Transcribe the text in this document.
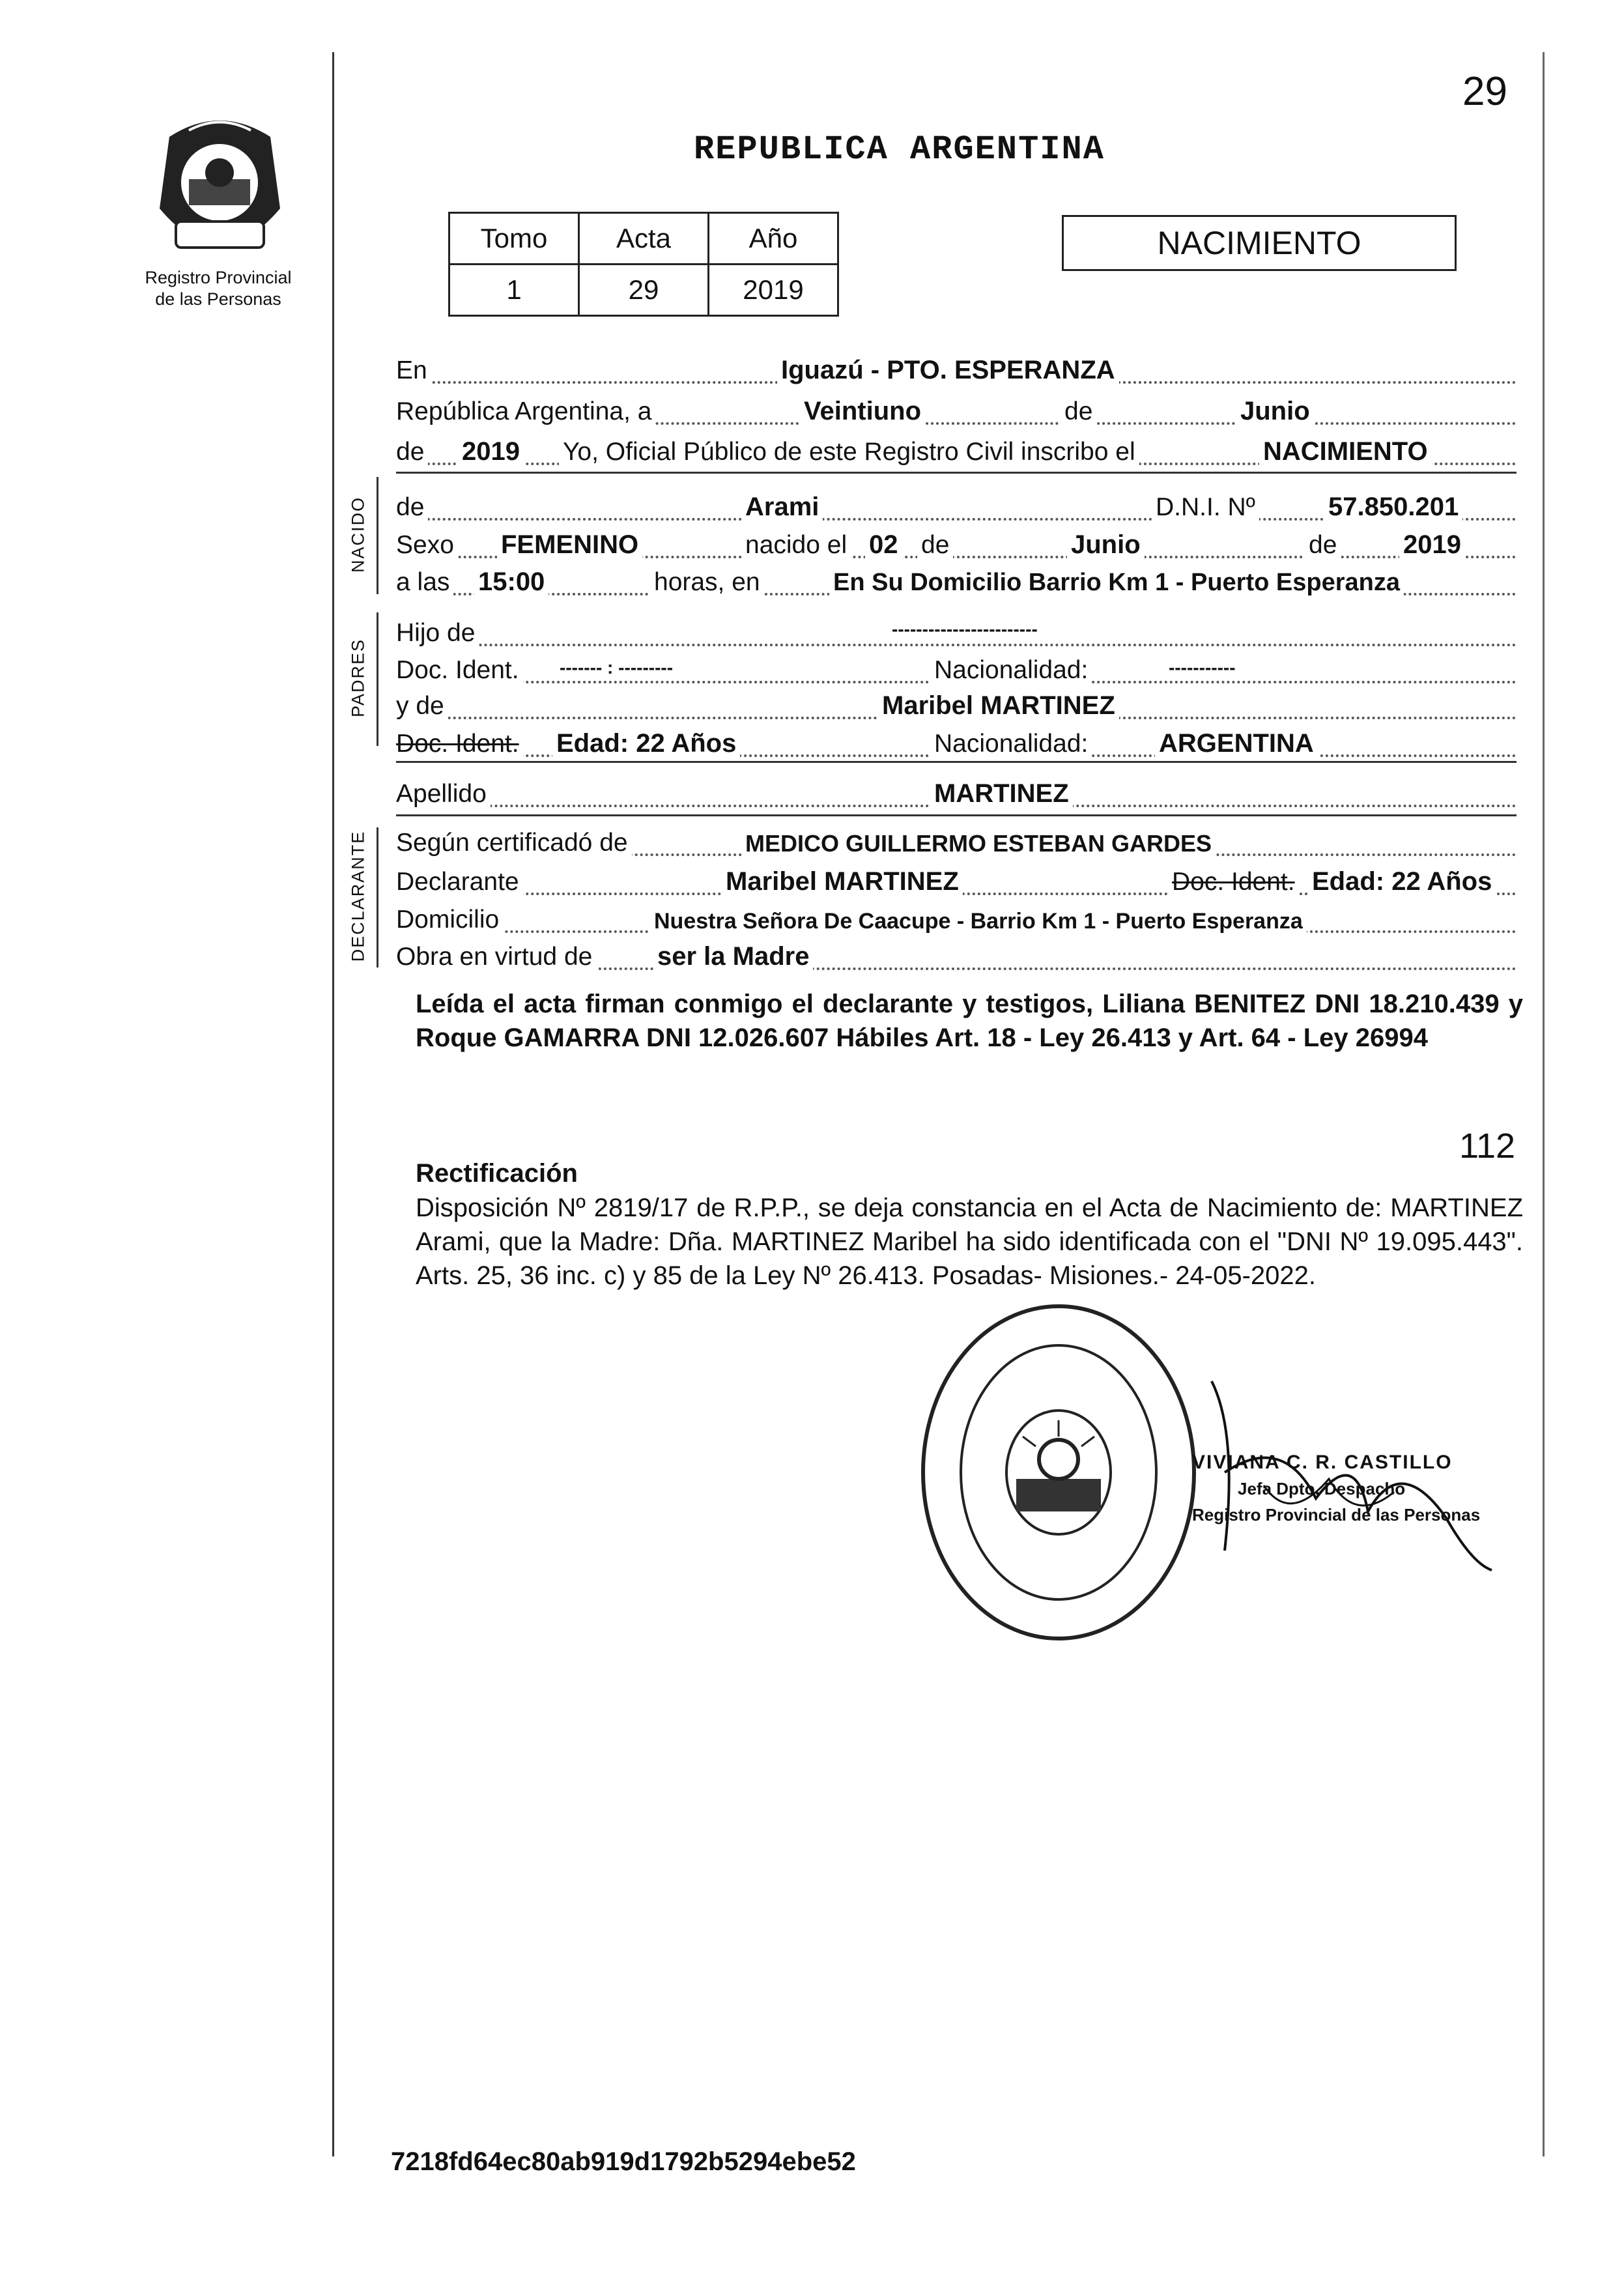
29
Registro Provincial
de las Personas
REPUBLICA ARGENTINA
Tomo	Acta	Año
1	29	2019
NACIMIENTO
En	Iguazú - PTO. ESPERANZA
República Argentina, a	Veintiuno	de	Junio
de 2019 Yo, Oficial Público de este Registro Civil inscribo el	NACIMIENTO
NACIDO de	Arami	D.N.I. Nº	57.850.201
Sexo FEMENINO	nacido el 02 de	Junio	de	2019
a las 15:00	horas, en	En Su Domicilio Barrio Km 1 - Puerto Esperanza
PADRES
Hijo de	------------------------
Doc. Ident. ------- : ---------	Nacionalidad:	-----------
y de	Maribel MARTINEZ
Doc. Ident. Edad: 22 Años	Nacionalidad:	ARGENTINA
Apellido	MARTINEZ
DECLARANTE Según certificadó de	MEDICO GUILLERMO ESTEBAN GARDES
Declarante	Maribel MARTINEZ	Doc. Ident. Edad: 22 Años
Domicilio	Nuestra Señora De Caacupe - Barrio Km 1 - Puerto Esperanza
Obra en virtud de ser la Madre
Leída el acta firman conmigo el declarante y testigos, Liliana BENITEZ DNI 18.210.439 y Roque GAMARRA DNI 12.026.607 Hábiles Art. 18 - Ley 26.413 y Art. 64 - Ley 26994
112
Rectificación
Disposición Nº 2819/17 de R.P.P., se deja constancia en el Acta de Nacimiento de: MARTINEZ Arami, que la Madre: Dña. MARTINEZ Maribel ha sido identificada con el "DNI Nº 19.095.443". Arts. 25, 36 inc. c) y 85 de la Ley Nº 26.413. Posadas- Misiones.- 24-05-2022.
VIVIANA C. R. CASTILLO
Jefa Dpto. Despacho
Registro Provincial de las Personas
7218fd64ec80ab919d1792b5294ebe52
